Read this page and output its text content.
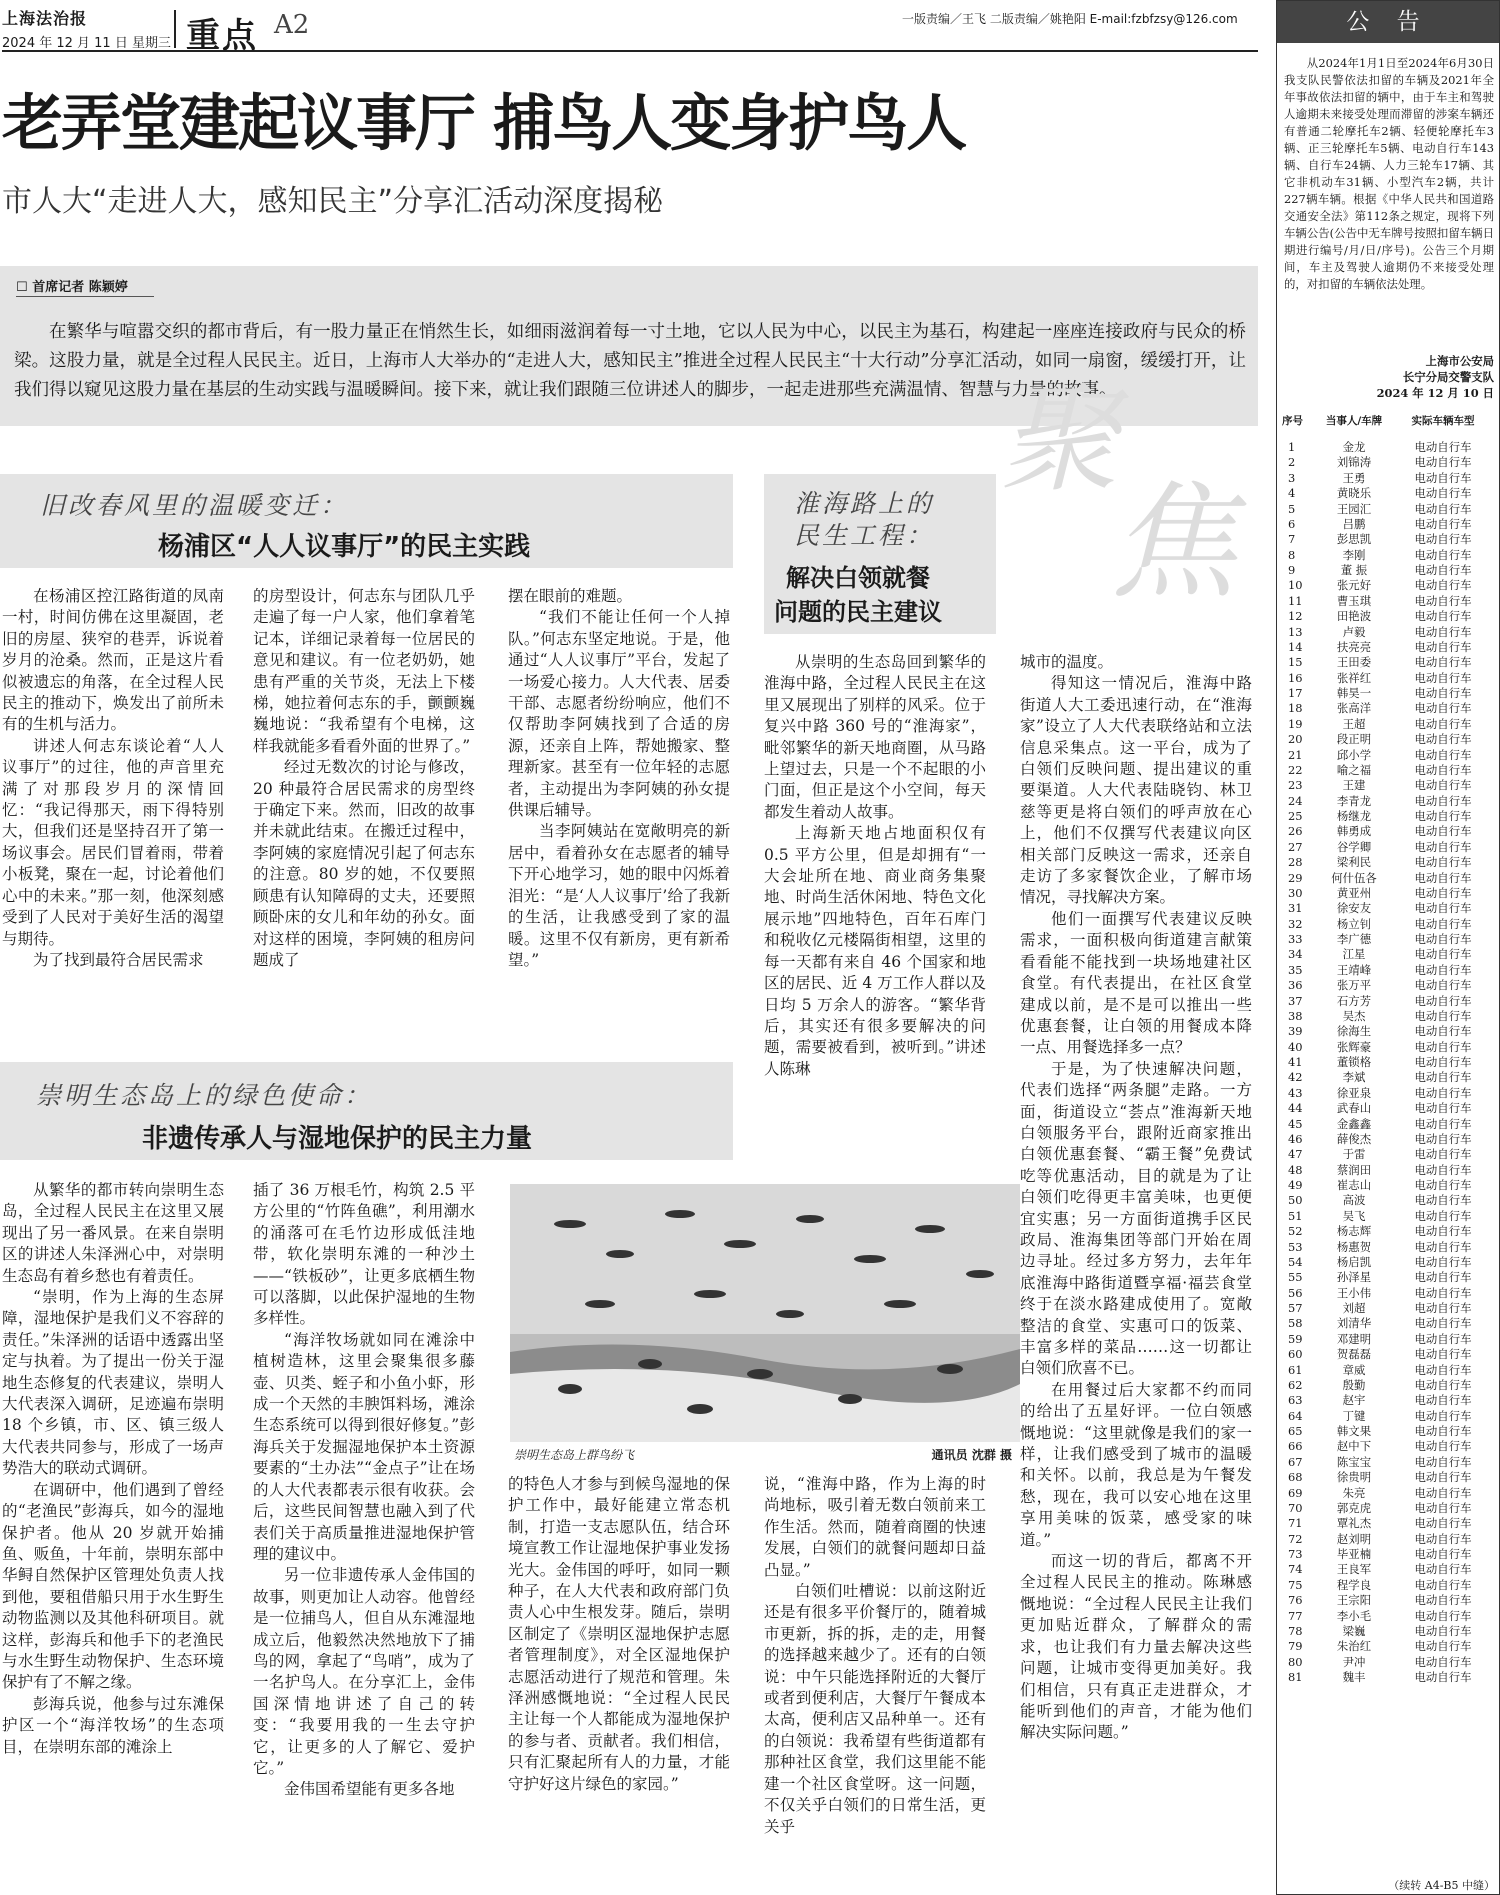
上海法治报
2024 年 12 月 11 日 星期三 重点 A2	一版责编／王飞 二版责编／姚艳阳 E-mail:fzbfzsy@126.com
老弄堂建起议事厅 捕鸟人变身护鸟人
市人大“走进人大，感知民主”分享汇活动深度揭秘
☐ 首席记者 陈颖婷

在繁华与喧嚣交织的都市背后，有一股力量正在悄然生长，如细雨滋润着每一寸土地，它以人民为中心，以民主为基石，构建起一座座连接政府与民众的桥梁。这股力量，就是全过程人民民主。近日，上海市人大举办的“走进人大，感知民主”推进全过程人民民主“十大行动”分享汇活动，如同一扇窗，缓缓打开，让我们得以窥见这股力量在基层的生动实践与温暖瞬间。接下来，就让我们跟随三位讲述人的脚步，一起走进那些充满温情、智慧与力量的故事。

聚
焦
旧改春风里的温暖变迁：
杨浦区“人人议事厅”的民主实践
淮海路上的
民生工程：
解决白领就餐
问题的民主建议

在杨浦区控江路街道的凤南一村，时间仿佛在这里凝固，老旧的房屋、狭窄的巷弄，诉说着岁月的沧桑。然而，正是这片看似被遗忘的角落，在全过程人民民主的推动下，焕发出了前所未有的生机与活力。

讲述人何志东谈论着“人人议事厅”的过往，他的声音里充满了对那段岁月的深情回忆：“我记得那天，雨下得特别大，但我们还是坚持召开了第一场议事会。居民们冒着雨，带着小板凳，聚在一起，讨论着他们心中的未来。”那一刻，他深刻感受到了人民对于美好生活的渴望与期待。

为了找到最符合居民需求

的房型设计，何志东与团队几乎走遍了每一户人家，他们拿着笔记本，详细记录着每一位居民的意见和建议。有一位老奶奶，她患有严重的关节炎，无法上下楼梯，她拉着何志东的手，颤颤巍巍地说：“我希望有个电梯，这样我就能多看看外面的世界了。”

经过无数次的讨论与修改，20 种最符合居民需求的房型终于确定下来。然而，旧改的故事并未就此结束。在搬迁过程中，李阿姨的家庭情况引起了何志东的注意。80 岁的她，不仅要照顾患有认知障碍的丈夫，还要照顾卧床的女儿和年幼的孙女。面对这样的困境，李阿姨的租房问题成了

摆在眼前的难题。

“我们不能让任何一个人掉队。”何志东坚定地说。于是，他通过“人人议事厅”平台，发起了一场爱心接力。人大代表、居委干部、志愿者纷纷响应，他们不仅帮助李阿姨找到了合适的房源，还亲自上阵，帮她搬家、整理新家。甚至有一位年轻的志愿者，主动提出为李阿姨的孙女提供课后辅导。

当李阿姨站在宽敞明亮的新居中，看着孙女在志愿者的辅导下开心地学习，她的眼中闪烁着泪光：“是‘人人议事厅’给了我新的生活，让我感受到了家的温暖。这里不仅有新房，更有新希望。”

崇明生态岛上的绿色使命：
非遗传承人与湿地保护的民主力量

从繁华的都市转向崇明生态岛，全过程人民民主在这里又展现出了另一番风景。在来自崇明区的讲述人朱泽洲心中，对崇明生态岛有着乡愁也有着责任。

“崇明，作为上海的生态屏障，湿地保护是我们义不容辞的责任。”朱泽洲的话语中透露出坚定与执着。为了提出一份关于湿地生态修复的代表建议，崇明人大代表深入调研，足迹遍布崇明 18 个乡镇，市、区、镇三级人大代表共同参与，形成了一场声势浩大的联动式调研。

在调研中，他们遇到了曾经的“老渔民”彭海兵，如今的湿地保护者。他从 20 岁就开始捕鱼、贩鱼，十年前，崇明东部中华鲟自然保护区管理处负责人找到他，要租借船只用于水生野生动物监测以及其他科研项目。就这样，彭海兵和他手下的老渔民与水生野生动物保护、生态环境保护有了不解之缘。

彭海兵说，他参与过东滩保护区一个“海洋牧场”的生态项目，在崇明东部的滩涂上

插了 36 万根毛竹，构筑 2.5 平方公里的“竹阵鱼礁”，利用潮水的涌落可在毛竹边形成低洼地带，软化崇明东滩的一种沙土——“铁板砂”，让更多底栖生物可以落脚，以此保护湿地的生物多样性。

“海洋牧场就如同在滩涂中植树造林，这里会聚集很多藤壶、贝类、蛭子和小鱼小虾，形成一个天然的丰腴饵料场，滩涂生态系统可以得到很好修复。”彭海兵关于发掘湿地保护本土资源要素的“土办法”“金点子”让在场的人大代表都表示很有收获。会后，这些民间智慧也融入到了代表们关于高质量推进湿地保护管理的建议中。

另一位非遗传承人金伟国的故事，则更加让人动容。他曾经是一位捕鸟人，但自从东滩湿地成立后，他毅然决然地放下了捕鸟的网，拿起了“鸟哨”，成为了一名护鸟人。在分享汇上，金伟国深情地讲述了自己的转变：“我要用我的一生去守护它，让更多的人了解它、爱护它。”

金伟国希望能有更多各地

的特色人才参与到候鸟湿地的保护工作中，最好能建立常态机制，打造一支志愿队伍，结合环境宣教工作让湿地保护事业发扬光大。金伟国的呼吁，如同一颗种子，在人大代表和政府部门负责人心中生根发芽。随后，崇明区制定了《崇明区湿地保护志愿者管理制度》，对全区湿地保护志愿活动进行了规范和管理。朱泽洲感慨地说：“全过程人民民主让每一个人都能成为湿地保护的参与者、贡献者。我们相信，只有汇聚起所有人的力量，才能守护好这片绿色的家园。”

崇明生态岛上群鸟纷飞	通讯员 沈群 摄

从崇明的生态岛回到繁华的淮海中路，全过程人民民主在这里又展现出了别样的风采。位于复兴中路 360 号的“淮海家”，毗邻繁华的新天地商圈，从马路上望过去，只是一个不起眼的小门面，但正是这个小空间，每天都发生着动人故事。

上海新天地占地面积仅有 0.5 平方公里，但是却拥有“一大会址所在地、商业商务集聚地、时尚生活休闲地、特色文化展示地”四地特色，百年石库门和税收亿元楼隔街相望，这里的每一天都有来自 46 个国家和地区的居民、近 4 万工作人群以及日均 5 万余人的游客。“繁华背后，其实还有很多要解决的问题，需要被看到，被听到。”讲述人陈琳

说，“淮海中路，作为上海的时尚地标，吸引着无数白领前来工作生活。然而，随着商圈的快速发展，白领们的就餐问题却日益凸显。”

白领们吐槽说：以前这附近还是有很多平价餐厅的，随着城市更新，拆的拆，走的走，用餐的选择越来越少了。还有的白领说：中午只能选择附近的大餐厅或者到便利店，大餐厅午餐成本太高，便利店又品种单一。还有的白领说：我希望有些街道都有那种社区食堂，我们这里能不能建一个社区食堂呀。这一问题，不仅关乎白领们的日常生活，更关乎

城市的温度。

得知这一情况后，淮海中路街道人大工委迅速行动，在“淮海家”设立了人大代表联络站和立法信息采集点。这一平台，成为了白领们反映问题、提出建议的重要渠道。人大代表陆晓钧、林卫慈等更是将白领们的呼声放在心上，他们不仅撰写代表建议向区相关部门反映这一需求，还亲自走访了多家餐饮企业，了解市场情况，寻找解决方案。

他们一面撰写代表建议反映需求，一面积极向街道建言献策看看能不能找到一块场地建社区食堂。有代表提出，在社区食堂建成以前，是不是可以推出一些优惠套餐，让白领的用餐成本降一点、用餐选择多一点？

于是，为了快速解决问题，代表们选择“两条腿”走路。一方面，街道设立“荟点”淮海新天地白领服务平台，跟附近商家推出白领优惠套餐、“霸王餐”免费试吃等优惠活动，目的就是为了让白领们吃得更丰富美味，也更便宜实惠；另一方面街道携手区民政局、淮海集团等部门开始在周边寻址。经过多方努力，去年年底淮海中路街道暨享福·福芸食堂终于在淡水路建成使用了。宽敞整洁的食堂、实惠可口的饭菜、丰富多样的菜品……这一切都让白领们欣喜不已。

在用餐过后大家都不约而同的给出了五星好评。一位白领感慨地说：“这里就像是我们的家一样，让我们感受到了城市的温暖和关怀。以前，我总是为午餐发愁，现在，我可以安心地在这里享用美味的饭菜，感受家的味道。”

而这一切的背后，都离不开全过程人民民主的推动。陈琳感慨地说：“全过程人民民主让我们更加贴近群众，了解群众的需求，也让我们有力量去解决这些问题，让城市变得更加美好。我们相信，只有真正走进群众，才能听到他们的声音，才能为他们解决实际问题。”

公 告

从2024年1月1日至2024年6月30日我支队民警依法扣留的车辆及2021年全年事故依法扣留的辆中，由于车主和驾驶人逾期未来接受处理而滞留的涉案车辆还有普通二轮摩托车2辆、轻便轮摩托车3辆、正三轮摩托车5辆、电动自行车143辆、自行车24辆、人力三轮车17辆、其它非机动车31辆、小型汽车2辆，共计227辆车辆。根据《中华人民共和国道路交通安全法》第112条之规定，现将下列车辆公告(公告中无车牌号按照扣留车辆日期进行编号/月/日/序号)。公告三个月期间，车主及驾驶人逾期仍不来接受处理的，对扣留的车辆依法处理。

上海市公安局
长宁分局交警支队
2024 年 12 月 10 日
序号	当事人/车牌	实际车辆车型
1	金龙	电动自行车
2	刘锦涛	电动自行车
3	王勇	电动自行车
4	黄晓乐	电动自行车
5	王园汇	电动自行车
6	吕鹏	电动自行车
7	彭思凯	电动自行车
8	李刚	电动自行车
9	董 振	电动自行车
10	张元好	电动自行车
11	曹玉琪	电动自行车
12	田艳波	电动自行车
13	卢毅	电动自行车
14	扶亮亮	电动自行车
15	王田委	电动自行车
16	张祥红	电动自行车
17	韩昊一	电动自行车
18	张高洋	电动自行车
19	王超	电动自行车
20	段正明	电动自行车
21	邱小学	电动自行车
22	喻之福	电动自行车
23	王建	电动自行车
24	李青龙	电动自行车
25	杨继龙	电动自行车
26	韩勇成	电动自行车
27	谷学卿	电动自行车
28	梁利民	电动自行车
29	何什伍各	电动自行车
30	黄亚州	电动自行车
31	徐安友	电动自行车
32	杨立钊	电动自行车
33	李广德	电动自行车
34	江星	电动自行车
35	王靖峰	电动自行车
36	张万平	电动自行车
37	石方芳	电动自行车
38	吴杰	电动自行车
39	徐海生	电动自行车
40	张辉豪	电动自行车
41	董锁格	电动自行车
42	李斌	电动自行车
43	徐亚泉	电动自行车
44	武春山	电动自行车
45	金鑫鑫	电动自行车
46	薛俊杰	电动自行车
47	于雷	电动自行车
48	蔡润田	电动自行车
49	崔志山	电动自行车
50	高波	电动自行车
51	吴飞	电动自行车
52	杨志辉	电动自行车
53	杨惠贺	电动自行车
54	杨启凯	电动自行车
55	孙泽星	电动自行车
56	王小伟	电动自行车
57	刘超	电动自行车
58	刘清华	电动自行车
59	邓建明	电动自行车
60	贺磊磊	电动自行车
61	章威	电动自行车
62	殷勤	电动自行车
63	赵宇	电动自行车
64	丁键	电动自行车
65	韩文果	电动自行车
66	赵中下	电动自行车
67	陈宝宝	电动自行车
68	徐贵明	电动自行车
69	朱亮	电动自行车
70	郭克虎	电动自行车
71	覃礼杰	电动自行车
72	赵刘明	电动自行车
73	毕亚楠	电动自行车
74	王良军	电动自行车
75	程学良	电动自行车
76	王宗阳	电动自行车
77	李小毛	电动自行车
78	梁巍	电动自行车
79	朱治红	电动自行车
80	尹冲	电动自行车
81	魏丰	电动自行车
（续转 A4-B5 中缝）
